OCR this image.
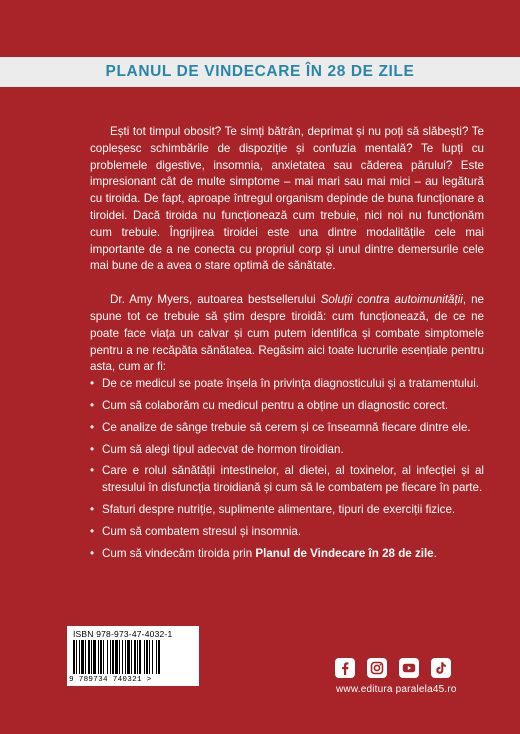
PLANUL DE VINDECARE ÎN 28 DE ZILE

Ești tot timpul obosit? Te simți bătrân, deprimat și nu poți să slăbești? Te copleșesc schimbările de dispoziție și confuzia mentală? Te lupți cu problemele digestive, insomnia, anxietatea sau căderea părului? Este impresionant cât de multe simptome – mai mari sau mai mici – au legătură cu tiroida. De fapt, aproape întregul organism depinde de buna funcționare a tiroidei. Dacă tiroida nu funcționează cum trebuie, nici noi nu funcționăm cum trebuie. Îngrijirea tiroidei este una dintre modalitățile cele mai importante de a ne conecta cu propriul corp și unul dintre demersurile cele mai bune de a avea o stare optimă de sănătate.

Dr. Amy Myers, autoarea bestsellerului Soluții contra autoimunității, ne spune tot ce trebuie să știm despre tiroidă: cum funcționează, de ce ne poate face viața un calvar și cum putem identifica și combate simptomele pentru a ne recăpăta sănătatea. Regăsim aici toate lucrurile esențiale pentru asta, cum ar fi:

• De ce medicul se poate înșela în privința diagnosticului și a tratamentului.
• Cum să colaborăm cu medicul pentru a obține un diagnostic corect.
• Ce analize de sânge trebuie să cerem și ce înseamnă fiecare dintre ele.
• Cum să alegi tipul adecvat de hormon tiroidian.
• Care e rolul sănătății intestinelor, al dietei, al toxinelor, al infecției și al stresului în disfuncția tiroidiană și cum să le combatem pe fiecare în parte.
• Sfaturi despre nutriție, suplimente alimentare, tipuri de exerciții fizice.
• Cum să combatem stresul și insomnia.
• Cum să vindecăm tiroida prin Planul de Vindecare în 28 de zile.
ISBN 978-973-47-4032-1
9 789734 740321 >
www.editura paralela45.ro
